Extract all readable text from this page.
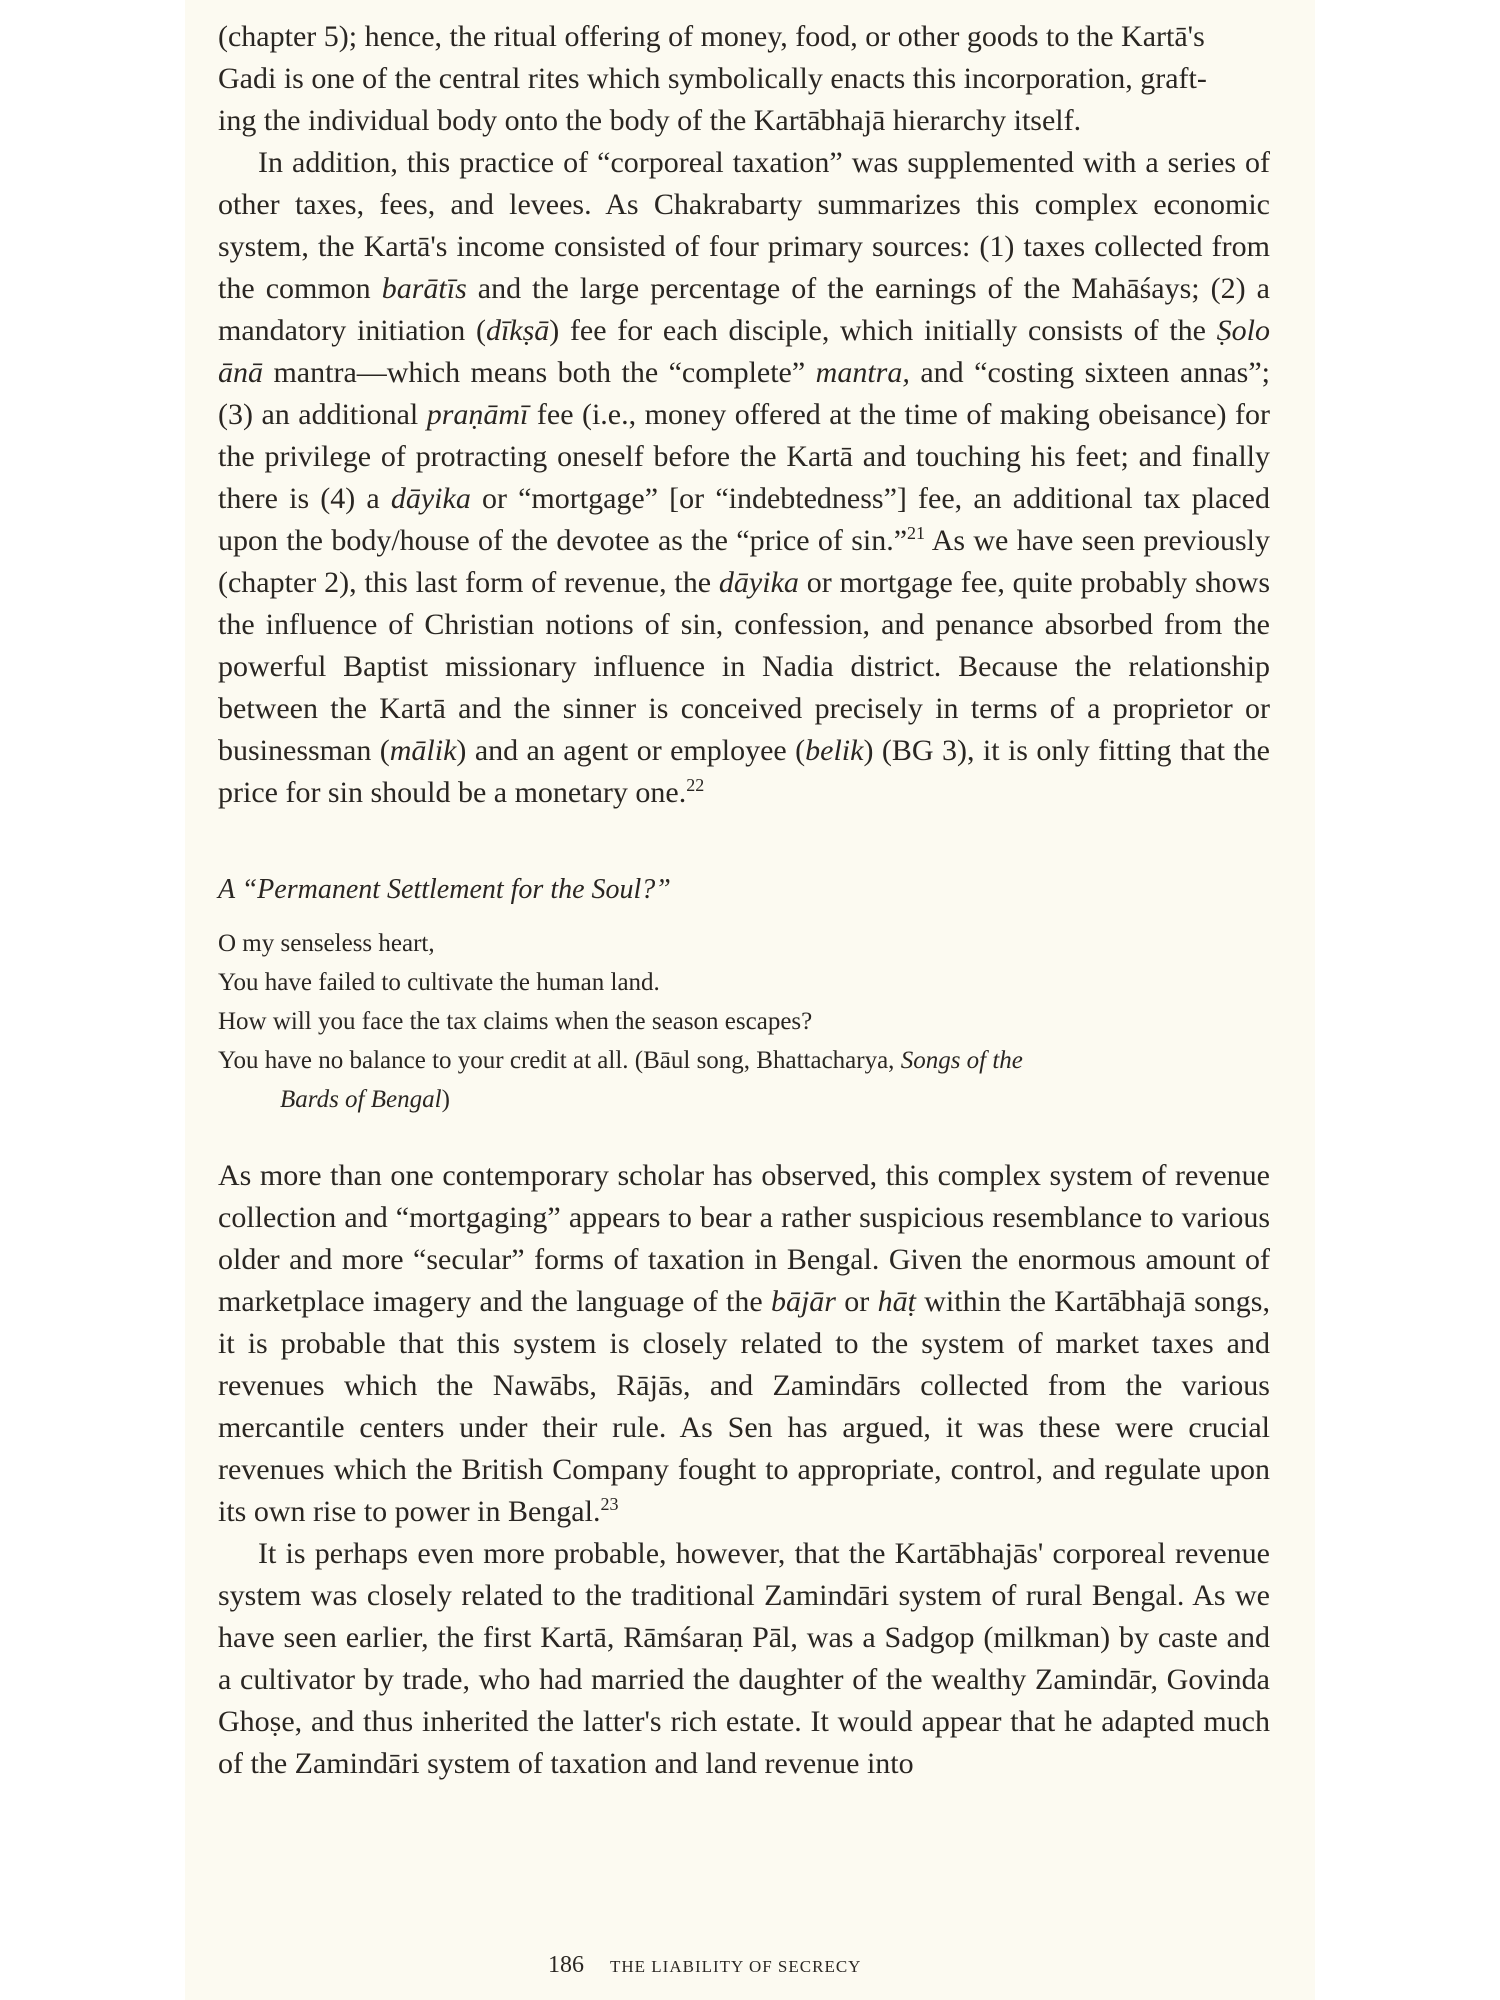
(chapter 5); hence, the ritual offering of money, food, or other goods to the Kartā's
Gadi is one of the central rites which symbolically enacts this incorporation, graft-
ing the individual body onto the body of the Kartābhajā hierarchy itself.

In addition, this practice of “corporeal taxation” was supplemented with a series of other taxes, fees, and levees. As Chakrabarty summarizes this complex economic system, the Kartā's income consisted of four primary sources: (1) taxes collected from the common barātīs and the large percentage of the earnings of the Mahāśays; (2) a mandatory initiation (dīkṣā) fee for each disciple, which initially consists of the Ṣolo ānā mantra—which means both the “complete” mantra, and “costing sixteen annas”; (3) an additional praṇāmī fee (i.e., money offered at the time of making obeisance) for the privilege of protracting oneself before the Kartā and touching his feet; and finally there is (4) a dāyika or “mortgage” [or “indebtedness”] fee, an additional tax placed upon the body/house of the devotee as the “price of sin.”$^{21}$ As we have seen previously (chapter 2), this last form of revenue, the dāyika or mortgage fee, quite probably shows the influence of Christian notions of sin, confession, and penance absorbed from the powerful Baptist missionary influence in Nadia district. Because the relationship between the Kartā and the sinner is conceived precisely in terms of a proprietor or businessman (mālik) and an agent or employee (belik) (BG 3), it is only fitting that the price for sin should be a monetary one.$^{22}$

A “Permanent Settlement for the Soul?”
O my senseless heart,
You have failed to cultivate the human land.
How will you face the tax claims when the season escapes?
You have no balance to your credit at all. (Bāul song, Bhattacharya, Songs of the
Bards of Bengal)

As more than one contemporary scholar has observed, this complex system of revenue collection and “mortgaging” appears to bear a rather suspicious resemblance to various older and more “secular” forms of taxation in Bengal. Given the enormous amount of marketplace imagery and the language of the bājār or hāṭ within the Kartābhajā songs, it is probable that this system is closely related to the system of market taxes and revenues which the Nawābs, Rājās, and Zamindārs collected from the various mercantile centers under their rule. As Sen has argued, it was these were crucial revenues which the British Company fought to appropriate, control, and regulate upon its own rise to power in Bengal.$^{23}$

It is perhaps even more probable, however, that the Kartābhajās' corporeal revenue system was closely related to the traditional Zamindāri system of rural Bengal. As we have seen earlier, the first Kartā, Rāmśaraṇ Pāl, was a Sadgop (milkman) by caste and a cultivator by trade, who had married the daughter of the wealthy Zamindār, Govinda Ghoṣe, and thus inherited the latter's rich estate. It would appear that he adapted much of the Zamindāri system of taxation and land revenue into

186 THE LIABILITY OF SECRECY
